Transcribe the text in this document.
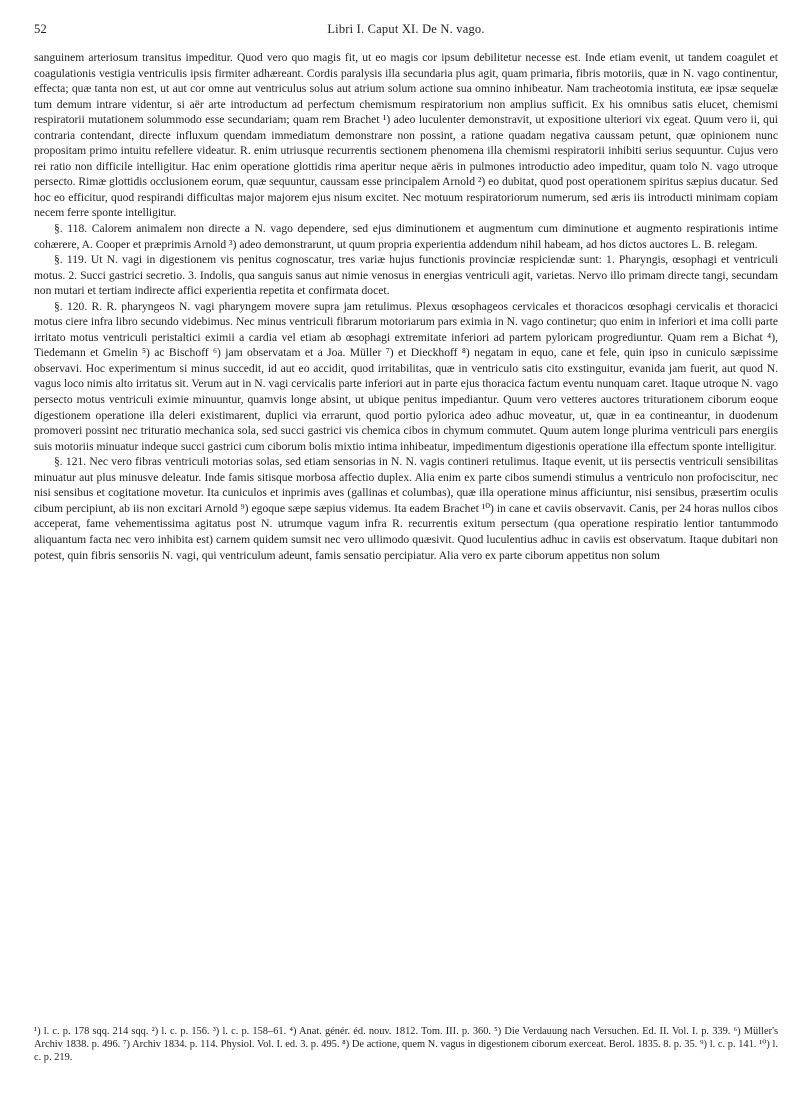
52	Libri I. Caput XI. De N. vago.

sanguinem arteriosum transitus impeditur. Quod vero quo magis fit, ut eo magis cor ipsum debilitetur necesse est. Inde etiam evenit, ut tandem coagulet et coagulationis vestigia ventriculis ipsis firmiter adhæreant. Cordis paralysis illa secundaria plus agit, quam primaria, fibris motoriis, quæ in N. vago continentur, effecta; quæ tanta non est, ut aut cor omne aut ventriculus solus aut atrium solum actione sua omnino inhibeatur. Nam tracheotomia instituta, eæ ipsæ sequelæ tum demum intrare videntur, si aër arte introductum ad perfectum chemismum respiratorium non amplius sufficit. Ex his omnibus satis elucet, chemismi respiratorii mutationem solummodo esse secundariam; quam rem Brachet ¹) adeo luculenter demonstravit, ut expositione ulteriori vix egeat. Quum vero ii, qui contraria contendant, directe influxum quendam immediatum demonstrare non possint, a ratione quadam negativa caussam petunt, quæ opinionem nunc propositam primo intuitu refellere videatur. R. enim utriusque recurrentis sectionem phenomena illa chemismi respiratorii inhibiti serius sequuntur. Cujus vero rei ratio non difficile intelligitur. Hac enim operatione glottidis rima aperitur neque aëris in pulmones introductio adeo impeditur, quam tolo N. vago utroque persecto. Rimæ glottidis occlusionem eorum, quæ sequuntur, caussam esse principalem Arnold ²) eo dubitat, quod post operationem spiritus sæpius ducatur. Sed hoc eo efficitur, quod respirandi difficultas major majorem ejus nisum excitet. Nec motuum respiratoriorum numerum, sed æris iis introducti minimam copiam necem ferre sponte intelligitur.

§. 118. Calorem animalem non directe a N. vago dependere, sed ejus diminutionem et augmentum cum diminutione et augmento respirationis intime cohærere, A. Cooper et præprimis Arnold ³) adeo demonstrarunt, ut quum propria experientia addendum nihil habeam, ad hos dictos auctores L. B. relegam.

§. 119. Ut N. vagi in digestionem vis penitus cognoscatur, tres variæ hujus functionis provinciæ respiciendæ sunt: 1. Pharyngis, œsophagi et ventriculi motus. 2. Succi gastrici secretio. 3. Indolis, qua sanguis sanus aut nimie venosus in energias ventriculi agit, varietas. Nervo illo primam directe tangi, secundam non mutari et tertiam indirecte affici experientia repetita et confirmata docet.

§. 120. R. R. pharyngeos N. vagi pharyngem movere supra jam retulimus. Plexus œsophageos cervicales et thoracicos œsophagi cervicalis et thoracici motus ciere infra libro secundo videbimus. Nec minus ventriculi fibrarum motoriarum pars eximia in N. vago continetur; quo enim in inferiori et ima colli parte irritato motus ventriculi peristaltici eximii a cardia vel etiam ab œsophagi extremitate inferiori ad partem pyloricam progrediuntur. Quam rem a Bichat ⁴), Tiedemann et Gmelin ⁵) ac Bischoff ⁶) jam observatam et a Joa. Müller ⁷) et Dieckhoff ⁸) negatam in equo, cane et fele, quin ipso in cuniculo sæpissime observavi. Hoc experimentum si minus succedit, id aut eo accidit, quod irritabilitas, quæ in ventriculo satis cito exstinguitur, evanida jam fuerit, aut quod N. vagus loco nimis alto irritatus sit. Verum aut in N. vagi cervicalis parte inferiori aut in parte ejus thoracica factum eventu nunquam caret. Itaque utroque N. vago persecto motus ventriculi eximie minuuntur, quamvis longe absint, ut ubique penitus impediantur. Quum vero vetteres auctores triturationem ciborum eoque digestionem operatione illa deleri existimarent, duplici via errarunt, quod portio pylorica adeo adhuc moveatur, ut, quæ in ea contineantur, in duodenum promoveri possint nec trituratio mechanica sola, sed succi gastrici vis chemica cibos in chymum commutet. Quum autem longe plurima ventriculi pars energiis suis motoriis minuatur indeque succi gastrici cum ciborum bolis mixtio intima inhibeatur, impedimentum digestionis operatione illa effectum sponte intelligitur.

§. 121. Nec vero fibras ventriculi motorias solas, sed etiam sensorias in N. N. vagis contineri retulimus. Itaque evenit, ut iis persectis ventriculi sensibilitas minuatur aut plus minusve deleatur. Inde famis sitisque morbosa affectio duplex. Alia enim ex parte cibos sumendi stimulus a ventriculo non profociscitur, nec nisi sensibus et cogitatione movetur. Ita cuniculos et inprimis aves (gallinas et columbas), quæ illa operatione minus afficiuntur, nisi sensibus, præsertim oculis cibum percipiunt, ab iis non excitari Arnold ⁹) egoque sæpe sæpius videmus. Ita eadem Brachet ¹⁰) in cane et caviis observavit. Canis, per 24 horas nullos cibos acceperat, fame vehementissima agitatus post N. utrumque vagum infra R. recurrentis exitum persectum (qua operatione respiratio lentior tantummodo aliquantum facta nec vero inhibita est) carnem quidem sumsit nec vero ullimodo quæsivit. Quod luculentius adhuc in caviis est observatum. Itaque dubitari non potest, quin fibris sensoriis N. vagi, qui ventriculum adeunt, famis sensatio percipiatur. Alia vero ex parte ciborum appetitus non solum

¹) l. c. p. 178 sqq. 214 sqq. ²) l. c. p. 156. ³) l. c. p. 158–61. ⁴) Anat. génér. éd. nouv. 1812. Tom. III. p. 360. ⁵) Die Verdauung nach Versuchen. Ed. II. Vol. I. p. 339. ⁶) Müller's Archiv 1838. p. 496. ⁷) Archiv 1834. p. 114. Physiol. Vol. I. ed. 3. p. 495. ⁸) De actione, quem N. vagus in digestionem ciborum exerceat. Berol. 1835. 8. p. 35. ⁹) l. c. p. 141. ¹⁰) l. c. p. 219.
